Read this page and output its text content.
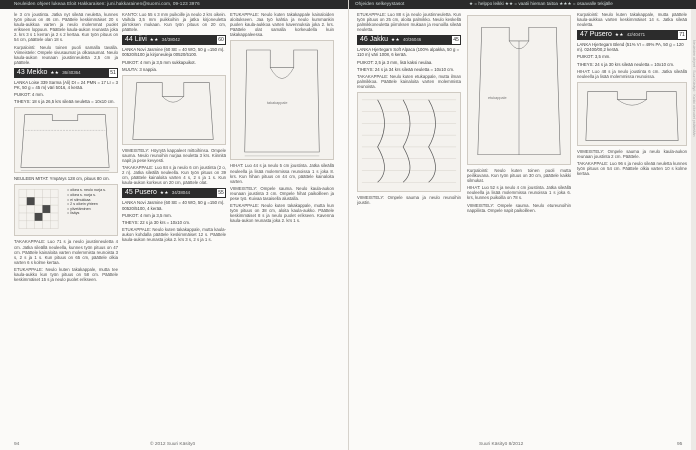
Neuleiden ohjeet lukeaa Eloit Hakkaraisen: juni.hakkarainen@suomi.com, 09-123 3976

le 3 cm joustinta. Jatka nyt sileää neuletta, kunnes työn pituus on 46 cm. Päättele keskimmäiset 20 s kaula-aukkoa varten ja neulo molemmat puolet erikseen loppuun. Päättele kaula-aukon reunasta joka 2. krs 3 s 1 kerran ja 2 s 2 kertaa. Kun työn pituus on 54 cm, päättele olan 18 s.

Kurpalointi: Neulo toinen puoli samalla tavalla. Viimeistele: Ompele sivusaumat ja olkasaumat. Neulo kaula-aukon reunaan joustinneuletta 2,5 cm ja päättele.

43 Mekko ★★ 36/40364	51
LANKA Loise 339 Sarma (Ali) DI = 24 PMN = 17 LI = 3 PK, 50 g = 45 m) väri 5016, 4 kerää.
PUIKOT: 4 mm.
TIHEYS: 18 s ja 26,5 krs sileää neuletta = 10x10 cm.
NEULEEN MITAT: Ympärys 128 cm, pituus 80 cm.
= oikea s. neulo nurja s.
= oikea s. nurja s.
= ei silmukkaa
= 2 s oikein yhteen
= ylivetäminen
= lisäys

TAKAKAPPALE: Luo 71 s ja neulo joustinneuletta 4 cm. Jatka sileällä neuleella, kunnes työn pituus on 47 cm. Päättele kainaloita varten molemmista reunoista 3 s, 2 s ja 1 s. Kun pituus on 65 cm, päättele olkia varten 6 s kolme kertaa.

ETUKAPPALE: Neulo kuten takakappale, mutta tee kaula-aukko kun työn pituus on 58 cm. Päättele keskimmäiset 15 s ja neulo puolet erikseen.

KANTO: Luo 55 s 3 mm puikoille ja neulo 2 krs oikein. Vaihda 3,5 mm puikkoihin ja jatka kirjoneuletta piirroksen mukaan. Kun työn pituus on 20 cm, päättele.

44 Liivi ★★ 34/38042	60
LANKA Novi Jasmine (60 SE = 40 WO, 50 g =150 m). 00520/5100 ja kirjoneuleja 00520/5100.
PUIKOT: 4 mm ja 3,5 mm sukkapuikot.
MUUTA: 3 nappia.

VIIMEISTELY: Höyrytä kappaleet mittoihinsa. Ompele sauma. Neulo reunoihin nurjaa neuletta 3 krs. Kiinnitä napit ja pese kevyesti.

TAKAKAPPALE: Luo 84 s ja neulo 6 cm joustinta (2 o, 2 n). Jatka sileällä neuleella. Kun työn pituus on 39 cm, päättele kainaloita varten 4 s, 2 s ja 1 s. Kun kaula-aukon korkeus on 20 cm, päättele olat.

45 Pusero ★★ 34/38044	55
LANKA Novi Jasmine (60 SE = 40 WO, 50 g =150 m). 00520/5100, 4 kerää.
PUIKOT: 4 mm ja 3,5 mm.
TIHEYS: 22 s ja 30 krs = 10x10 cm.

ETUKAPPALE: Neulo kuten takakappale, mutta kaula-aukon kohdalla päättele keskimmäiset 12 s. Päättele kaula-aukon reunasta joka 2. krs 3 s, 2 s ja 1 s.

ETUKAPPALE: Neulo kuten takakappale kainaloiden aloitukseen. Jaa työ kahtia ja neulo kummankin puolen kaula-aukkoa varten kavennuksia joka 2. krs. Päättele olat samalla korkeudella kuin takakappaleessa.

takakappale

HIHAT: Luo 44 s ja neulo 5 cm joustinta. Jatka sileällä neuleella ja lisää molemmissa reunoissa 1 s joka 8. krs. Kun hihan pituus on 44 cm, päättele kainaloita varten.

VIIMEISTELY: Ompele sauma. Neulo kaula-aukon reunaan joustinta 3 cm. Ompele hihat paikoilleen ja pese työ. Kuivaa tasaisella alustalla.

ETUKAPPALE: Neulo kuten takakappale, mutta kun työn pituus on 38 cm, aloita kaula-aukko. Päättele keskimmäiset 8 s ja neulo puolet erikseen. Kavenna kaula-aukon reunasta joka 2. krs 1 s.

94	© 2012 Suuri Käsityö
Ohjeiden selkeyystasot	★ = helppo leikki ★★ = vaatii hieman taitoa ★★★ = osaavalle tekijälle

ETUKAPPALE: Luo 88 s ja neulo joustinneuletta. Kun työn pituus on 25 cm, aloita palmikko. Neulo keskellä palmikkoneuletta piirroksen mukaan ja reunoilla sileää neuletta.

46 Jakku ★★ 40/36046	45
LANKA Hjertegarn Soft Alpaca (100% alpakka, 50 g = 110 m) väri 1008, 6 kerää.
PUIKOT: 2,5 ja 3 mm, lisä kaksi neulaa.
TIHEYS: 24 s ja 34 krs sileää neuletta = 10x10 cm.

TAKAKAPPALE: Neulo kuten etukappale, mutta ilman palmikkoa. Päättele kainaloita varten molemmista reunoista.

VIIMEISTELY: Ompele sauma ja neulo reunoihin joustin.

etukappale

Kurpalointi: Neulo kuten toinen puoli mutta peilikuvana. Kun työn pituus on 30 cm, päättele kaikki silmukat.

HIHAT: Luo 52 s ja neulo 4 cm joustinta. Jatka sileällä neuleella ja lisää molemmissa reunoissa 1 s joka 6. krs, kunnes puikoilla on 78 s.

VIIMEISTELY: Ompele sauma. Neulo etureunoihin nappilista. Ompele napit paikoilleen.

Kurpalointi: Neulo kuten takakappale, mutta päättele kaula-aukkoa varten keskimmäiset 14 s. Jatka sileää neuletta.

47 Pusero ★★ 42/40471	71
LANKA Hjertegarn Blend (51% VI = 49% PA, 50 g = 120 m). 02400/00,2 kerää.
PUIKOT: 3,5 mm.
TIHEYS: 24 s ja 30 krs sileää neuletta = 10x10 cm.

HIHAT: Luo 48 s ja neulo joustinta 6 cm. Jatka sileällä neuleella ja lisää molemmissa reunoissa.

VIIMEISTELY: Ompele sauma ja neulo kaula-aukon reunaan joustinta 2 cm. Päättele.

TAKAKAPPALE: Luo 96 s ja neulo sileää neuletta kunnes työn pituus on 54 cm. Päättele olkia varten 10 s kolme kertaa.

Suuri Käsityö 8/2012	95
Neuleiden ohjeet · Suuri Käsityö · Kaikki oikeudet pidätetään
